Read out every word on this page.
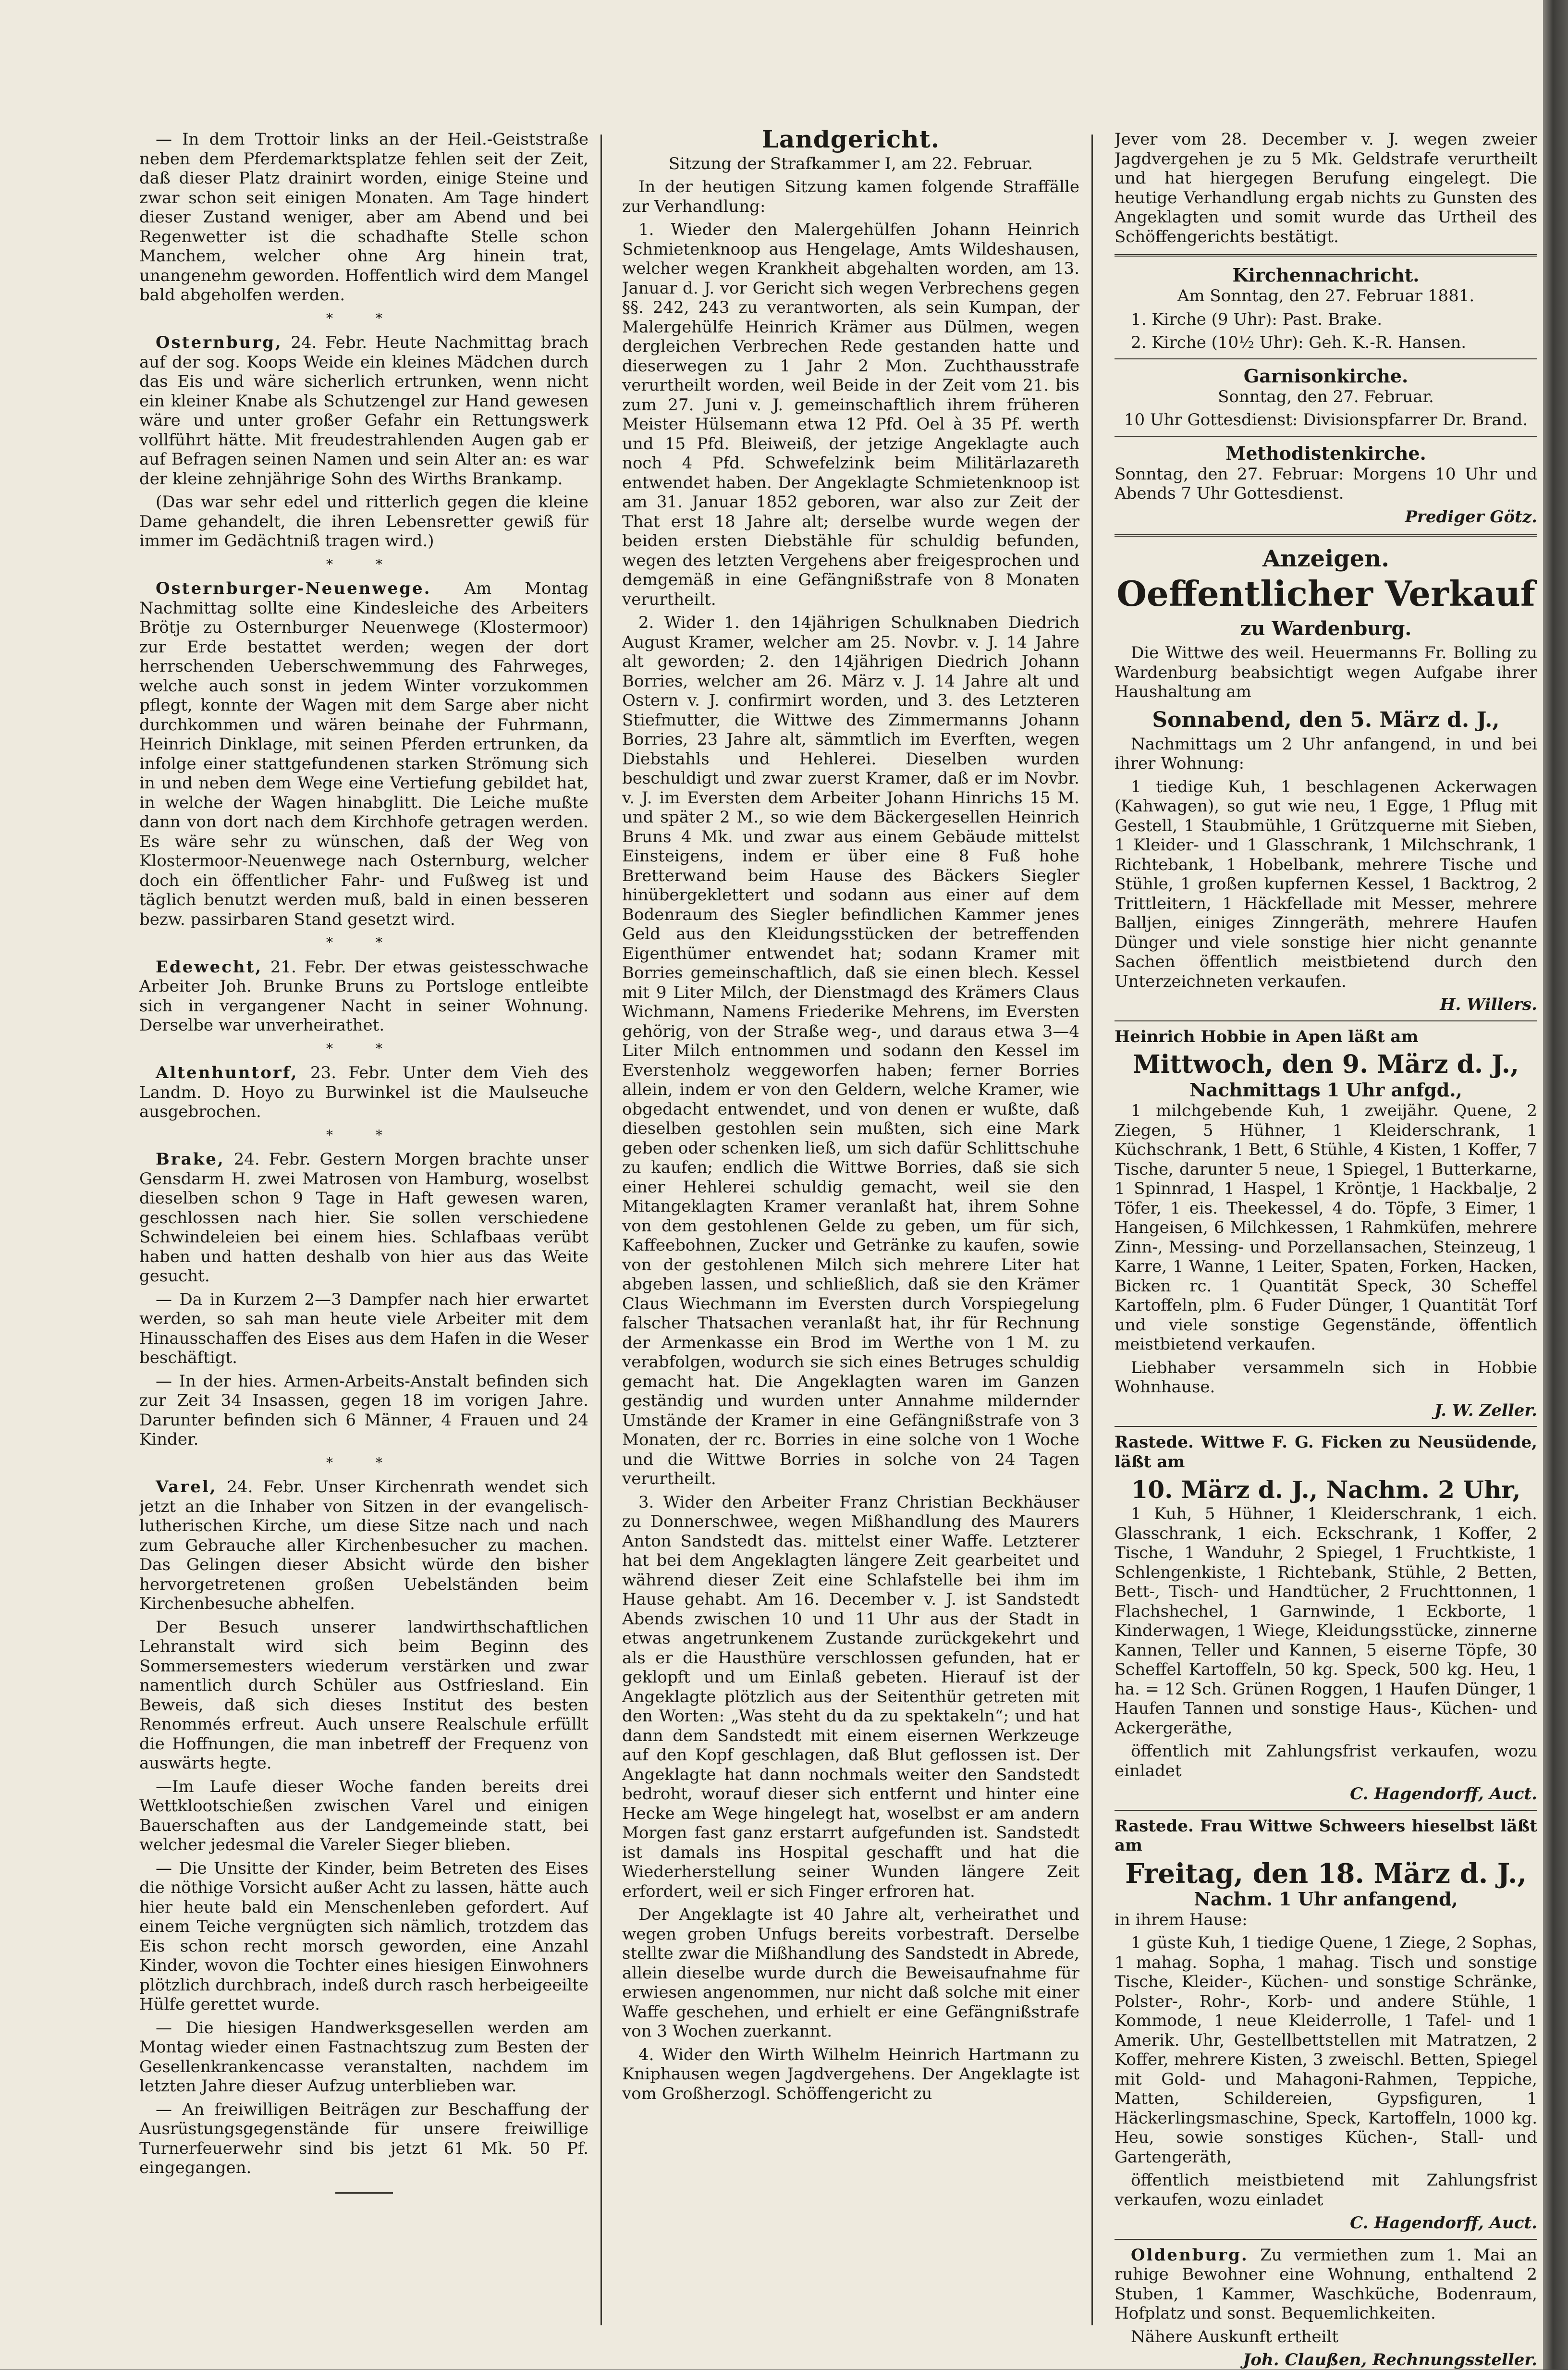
— In dem Trottoir links an der Heil.-Geiststraße neben dem Pferdemarktsplatze fehlen seit der Zeit, daß dieser Platz drainirt worden, einige Steine und zwar schon seit einigen Monaten. Am Tage hindert dieser Zustand weniger, aber am Abend und bei Regenwetter ist die schadhafte Stelle schon Manchem, welcher ohne Arg hinein trat, unangenehm geworden. Hoffentlich wird dem Mangel bald abgeholfen werden.

* *

Osternburg, 24. Febr. Heute Nachmittag brach auf der sog. Koops Weide ein kleines Mädchen durch das Eis und wäre sicherlich ertrunken, wenn nicht ein kleiner Knabe als Schutzengel zur Hand gewesen wäre und unter großer Gefahr ein Rettungswerk vollführt hätte. Mit freudestrahlenden Augen gab er auf Befragen seinen Namen und sein Alter an: es war der kleine zehnjährige Sohn des Wirths Brankamp.

(Das war sehr edel und ritterlich gegen die kleine Dame gehandelt, die ihren Lebensretter gewiß für immer im Gedächtniß tragen wird.)

* *

Osternburger-Neuenwege. Am Montag Nachmittag sollte eine Kindesleiche des Arbeiters Brötje zu Osternburger Neuenwege (Klostermoor) zur Erde bestattet werden; wegen der dort herrschenden Ueberschwemmung des Fahrweges, welche auch sonst in jedem Winter vorzukommen pflegt, konnte der Wagen mit dem Sarge aber nicht durchkommen und wären beinahe der Fuhrmann, Heinrich Dinklage, mit seinen Pferden ertrunken, da infolge einer stattgefundenen starken Strömung sich in und neben dem Wege eine Vertiefung gebildet hat, in welche der Wagen hinabglitt. Die Leiche mußte dann von dort nach dem Kirchhofe getragen werden. Es wäre sehr zu wünschen, daß der Weg von Klostermoor-Neuenwege nach Osternburg, welcher doch ein öffentlicher Fahr- und Fußweg ist und täglich benutzt werden muß, bald in einen besseren bezw. passirbaren Stand gesetzt wird.

* *

Edewecht, 21. Febr. Der etwas geistesschwache Arbeiter Joh. Brunke Bruns zu Portsloge entleibte sich in vergangener Nacht in seiner Wohnung. Derselbe war unverheirathet.

* *

Altenhuntorf, 23. Febr. Unter dem Vieh des Landm. D. Hoyo zu Burwinkel ist die Maulseuche ausgebrochen.

* *

Brake, 24. Febr. Gestern Morgen brachte unser Gensdarm H. zwei Matrosen von Hamburg, woselbst dieselben schon 9 Tage in Haft gewesen waren, geschlossen nach hier. Sie sollen verschiedene Schwindeleien bei einem hies. Schlafbaas verübt haben und hatten deshalb von hier aus das Weite gesucht.

— Da in Kurzem 2—3 Dampfer nach hier erwartet werden, so sah man heute viele Arbeiter mit dem Hinausschaffen des Eises aus dem Hafen in die Weser beschäftigt.

— In der hies. Armen-Arbeits-Anstalt befinden sich zur Zeit 34 Insassen, gegen 18 im vorigen Jahre. Darunter befinden sich 6 Männer, 4 Frauen und 24 Kinder.

* *

Varel, 24. Febr. Unser Kirchenrath wendet sich jetzt an die Inhaber von Sitzen in der evangelisch-lutherischen Kirche, um diese Sitze nach und nach zum Gebrauche aller Kirchenbesucher zu machen. Das Gelingen dieser Absicht würde den bisher hervorgetretenen großen Uebelständen beim Kirchenbesuche abhelfen.

Der Besuch unserer landwirthschaftlichen Lehranstalt wird sich beim Beginn des Sommersemesters wiederum verstärken und zwar namentlich durch Schüler aus Ostfriesland. Ein Beweis, daß sich dieses Institut des besten Renommés erfreut. Auch unsere Realschule erfüllt die Hoffnungen, die man inbetreff der Frequenz von auswärts hegte.

—Im Laufe dieser Woche fanden bereits drei Wettklootschießen zwischen Varel und einigen Bauerschaften aus der Landgemeinde statt, bei welcher jedesmal die Vareler Sieger blieben.

— Die Unsitte der Kinder, beim Betreten des Eises die nöthige Vorsicht außer Acht zu lassen, hätte auch hier heute bald ein Menschenleben gefordert. Auf einem Teiche vergnügten sich nämlich, trotzdem das Eis schon recht morsch geworden, eine Anzahl Kinder, wovon die Tochter eines hiesigen Einwohners plötzlich durchbrach, indeß durch rasch herbeigeeilte Hülfe gerettet wurde.

— Die hiesigen Handwerksgesellen werden am Montag wieder einen Fastnachtszug zum Besten der Gesellenkrankencasse veranstalten, nachdem im letzten Jahre dieser Aufzug unterblieben war.

— An freiwilligen Beiträgen zur Beschaffung der Ausrüstungsgegenstände für unsere freiwillige Turnerfeuerwehr sind bis jetzt 61 Mk. 50 Pf. eingegangen.

Landgericht.

Sitzung der Strafkammer I, am 22. Februar.

In der heutigen Sitzung kamen folgende Straffälle zur Verhandlung:

1. Wieder den Malergehülfen Johann Heinrich Schmietenknoop aus Hengelage, Amts Wildeshausen, welcher wegen Krankheit abgehalten worden, am 13. Januar d. J. vor Gericht sich wegen Verbrechens gegen §§. 242, 243 zu verantworten, als sein Kumpan, der Malergehülfe Heinrich Krämer aus Dülmen, wegen dergleichen Verbrechen Rede gestanden hatte und dieserwegen zu 1 Jahr 2 Mon. Zuchthausstrafe verurtheilt worden, weil Beide in der Zeit vom 21. bis zum 27. Juni v. J. gemeinschaftlich ihrem früheren Meister Hülsemann etwa 12 Pfd. Oel à 35 Pf. werth und 15 Pfd. Bleiweiß, der jetzige Angeklagte auch noch 4 Pfd. Schwefelzink beim Militärlazareth entwendet haben. Der Angeklagte Schmietenknoop ist am 31. Januar 1852 geboren, war also zur Zeit der That erst 18 Jahre alt; derselbe wurde wegen der beiden ersten Diebstähle für schuldig befunden, wegen des letzten Vergehens aber freigesprochen und demgemäß in eine Gefängnißstrafe von 8 Monaten verurtheilt.

2. Wider 1. den 14jährigen Schulknaben Diedrich August Kramer, welcher am 25. Novbr. v. J. 14 Jahre alt geworden; 2. den 14jährigen Diedrich Johann Borries, welcher am 26. März v. J. 14 Jahre alt und Ostern v. J. confirmirt worden, und 3. des Letzteren Stiefmutter, die Wittwe des Zimmermanns Johann Borries, 23 Jahre alt, sämmtlich im Everften, wegen Diebstahls und Hehlerei. Dieselben wurden beschuldigt und zwar zuerst Kramer, daß er im Novbr. v. J. im Eversten dem Arbeiter Johann Hinrichs 15 M. und später 2 M., so wie dem Bäckergesellen Heinrich Bruns 4 Mk. und zwar aus einem Gebäude mittelst Einsteigens, indem er über eine 8 Fuß hohe Bretterwand beim Hause des Bäckers Siegler hinübergeklettert und sodann aus einer auf dem Bodenraum des Siegler befindlichen Kammer jenes Geld aus den Kleidungsstücken der betreffenden Eigenthümer entwendet hat; sodann Kramer mit Borries gemeinschaftlich, daß sie einen blech. Kessel mit 9 Liter Milch, der Dienstmagd des Krämers Claus Wichmann, Namens Friederike Mehrens, im Eversten gehörig, von der Straße weg-, und daraus etwa 3—4 Liter Milch entnommen und sodann den Kessel im Everstenholz weggeworfen haben; ferner Borries allein, indem er von den Geldern, welche Kramer, wie obgedacht entwendet, und von denen er wußte, daß dieselben gestohlen sein mußten, sich eine Mark geben oder schenken ließ, um sich dafür Schlittschuhe zu kaufen; endlich die Wittwe Borries, daß sie sich einer Hehlerei schuldig gemacht, weil sie den Mitangeklagten Kramer veranlaßt hat, ihrem Sohne von dem gestohlenen Gelde zu geben, um für sich, Kaffeebohnen, Zucker und Getränke zu kaufen, sowie von der gestohlenen Milch sich mehrere Liter hat abgeben lassen, und schließlich, daß sie den Krämer Claus Wiechmann im Eversten durch Vorspiegelung falscher Thatsachen veranlaßt hat, ihr für Rechnung der Armenkasse ein Brod im Werthe von 1 M. zu verabfolgen, wodurch sie sich eines Betruges schuldig gemacht hat. Die Angeklagten waren im Ganzen geständig und wurden unter Annahme mildernder Umstände der Kramer in eine Gefängnißstrafe von 3 Monaten, der rc. Borries in eine solche von 1 Woche und die Wittwe Borries in solche von 24 Tagen verurtheilt.

3. Wider den Arbeiter Franz Christian Beckhäuser zu Donnerschwee, wegen Mißhandlung des Maurers Anton Sandstedt das. mittelst einer Waffe. Letzterer hat bei dem Angeklagten längere Zeit gearbeitet und während dieser Zeit eine Schlafstelle bei ihm im Hause gehabt. Am 16. December v. J. ist Sandstedt Abends zwischen 10 und 11 Uhr aus der Stadt in etwas angetrunkenem Zustande zurückgekehrt und als er die Hausthüre verschlossen gefunden, hat er geklopft und um Einlaß gebeten. Hierauf ist der Angeklagte plötzlich aus der Seitenthür getreten mit den Worten: „Was steht du da zu spektakeln“; und hat dann dem Sandstedt mit einem eisernen Werkzeuge auf den Kopf geschlagen, daß Blut geflossen ist. Der Angeklagte hat dann nochmals weiter den Sandstedt bedroht, worauf dieser sich entfernt und hinter eine Hecke am Wege hingelegt hat, woselbst er am andern Morgen fast ganz erstarrt aufgefunden ist. Sandstedt ist damals ins Hospital geschafft und hat die Wiederherstellung seiner Wunden längere Zeit erfordert, weil er sich Finger erfroren hat.

Der Angeklagte ist 40 Jahre alt, verheirathet und wegen groben Unfugs bereits vorbestraft. Derselbe stellte zwar die Mißhandlung des Sandstedt in Abrede, allein dieselbe wurde durch die Beweisaufnahme für erwiesen angenommen, nur nicht daß solche mit einer Waffe geschehen, und erhielt er eine Gefängnißstrafe von 3 Wochen zuerkannt.

4. Wider den Wirth Wilhelm Heinrich Hartmann zu Kniphausen wegen Jagdvergehens. Der Angeklagte ist vom Großherzogl. Schöffengericht zu

Jever vom 28. December v. J. wegen zweier Jagdvergehen je zu 5 Mk. Geldstrafe verurtheilt und hat hiergegen Berufung eingelegt. Die heutige Verhandlung ergab nichts zu Gunsten des Angeklagten und somit wurde das Urtheil des Schöffengerichts bestätigt.

Kirchennachricht.

Am Sonntag, den 27. Februar 1881.

1. Kirche (9 Uhr): Past. Brake.

2. Kirche (10½ Uhr): Geh. K.-R. Hansen.

Garnisonkirche.

Sonntag, den 27. Februar.

10 Uhr Gottesdienst: Divisionspfarrer Dr. Brand.

Methodistenkirche.

Sonntag, den 27. Februar: Morgens 10 Uhr und Abends 7 Uhr Gottesdienst.

Prediger Götz.
Anzeigen.
Oeffentlicher Verkauf
zu Wardenburg.

Die Wittwe des weil. Heuermanns Fr. Bolling zu Wardenburg beabsichtigt wegen Aufgabe ihrer Haushaltung am

Sonnabend, den 5. März d. J.,

Nachmittags um 2 Uhr anfangend, in und bei ihrer Wohnung:

1 tiedige Kuh, 1 beschlagenen Ackerwagen (Kahwagen), so gut wie neu, 1 Egge, 1 Pflug mit Gestell, 1 Staubmühle, 1 Grützquerne mit Sieben, 1 Kleider- und 1 Glasschrank, 1 Milchschrank, 1 Richtebank, 1 Hobelbank, mehrere Tische und Stühle, 1 großen kupfernen Kessel, 1 Backtrog, 2 Trittleitern, 1 Häckfellade mit Messer, mehrere Balljen, einiges Zinngeräth, mehrere Haufen Dünger und viele sonstige hier nicht genannte Sachen öffentlich meistbietend durch den Unterzeichneten verkaufen.

H. Willers.

Heinrich Hobbie in Apen läßt am

Mittwoch, den 9. März d. J.,
Nachmittags 1 Uhr anfgd.,

1 milchgebende Kuh, 1 zweijähr. Quene, 2 Ziegen, 5 Hühner, 1 Kleiderschrank, 1 Küchschrank, 1 Bett, 6 Stühle, 4 Kisten, 1 Koffer, 7 Tische, darunter 5 neue, 1 Spiegel, 1 Butterkarne, 1 Spinnrad, 1 Haspel, 1 Kröntje, 1 Hackbalje, 2 Töfer, 1 eis. Theekessel, 4 do. Töpfe, 3 Eimer, 1 Hangeisen, 6 Milchkessen, 1 Rahmküfen, mehrere Zinn-, Messing- und Porzellansachen, Steinzeug, 1 Karre, 1 Wanne, 1 Leiter, Spaten, Forken, Hacken, Bicken rc. 1 Quantität Speck, 30 Scheffel Kartoffeln, plm. 6 Fuder Dünger, 1 Quantität Torf und viele sonstige Gegenstände, öffentlich meistbietend verkaufen.

Liebhaber versammeln sich in Hobbie Wohnhause.

J. W. Zeller.

Rastede. Wittwe F. G. Ficken zu Neusüdende, läßt am

10. März d. J., Nachm. 2 Uhr,

1 Kuh, 5 Hühner, 1 Kleiderschrank, 1 eich. Glasschrank, 1 eich. Eckschrank, 1 Koffer, 2 Tische, 1 Wanduhr, 2 Spiegel, 1 Fruchtkiste, 1 Schlengenkiste, 1 Richtebank, Stühle, 2 Betten, Bett-, Tisch- und Handtücher, 2 Fruchttonnen, 1 Flachshechel, 1 Garnwinde, 1 Eckborte, 1 Kinderwagen, 1 Wiege, Kleidungsstücke, zinnerne Kannen, Teller und Kannen, 5 eiserne Töpfe, 30 Scheffel Kartoffeln, 50 kg. Speck, 500 kg. Heu, 1 ha. = 12 Sch. Grünen Roggen, 1 Haufen Dünger, 1 Haufen Tannen und sonstige Haus-, Küchen- und Ackergeräthe,

öffentlich mit Zahlungsfrist verkaufen, wozu einladet

C. Hagendorff, Auct.

Rastede. Frau Wittwe Schweers hieselbst läßt am

Freitag, den 18. März d. J.,
Nachm. 1 Uhr anfangend,

in ihrem Hause:

1 güste Kuh, 1 tiedige Quene, 1 Ziege, 2 Sophas, 1 mahag. Sopha, 1 mahag. Tisch und sonstige Tische, Kleider-, Küchen- und sonstige Schränke, Polster-, Rohr-, Korb- und andere Stühle, 1 Kommode, 1 neue Kleiderrolle, 1 Tafel- und 1 Amerik. Uhr, Gestellbettstellen mit Matratzen, 2 Koffer, mehrere Kisten, 3 zweischl. Betten, Spiegel mit Gold- und Mahagoni-Rahmen, Teppiche, Matten, Schildereien, Gypsfiguren, 1 Häckerlingsmaschine, Speck, Kartoffeln, 1000 kg. Heu, sowie sonstiges Küchen-, Stall- und Gartengeräth,

öffentlich meistbietend mit Zahlungsfrist verkaufen, wozu einladet

C. Hagendorff, Auct.

Oldenburg. Zu vermiethen zum 1. Mai an ruhige Bewohner eine Wohnung, enthaltend 2 Stuben, 1 Kammer, Waschküche, Bodenraum, Hofplatz und sonst. Bequemlichkeiten.

Nähere Auskunft ertheilt

Joh. Claußen, Rechnungssteller.
